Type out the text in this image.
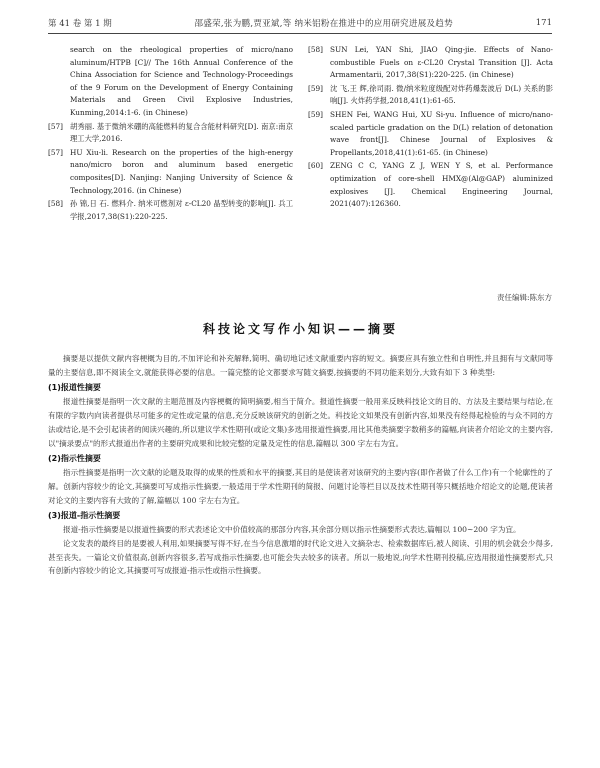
第 41 卷 第 1 期	邵盛荣,张为鹏,贾亚斌,等 纳米铝粉在推进中的应用研究进展及趋势	171
search on the rheological properties of micro/nano aluminum/HTPB [C]// The 16th Annual Conference of the China Association for Science and Technology-Proceedings of the 9 Forum on the Development of Energy Containing Materials and Green Civil Explosive Industries, Kunming,2014:1-6. (in Chinese)
[57] 胡秀丽. 基于微纳米硼的高能燃料的复合含能材料研究[D]. 南京:南京理工大学,2016.
[57] HU Xiu-li. Research on the properties of the high-energy nano/micro boron and aluminum based energetic composites[D]. Nanjing: Nanjing University of Science & Technology,2016. (in Chinese)
[58] 孙 锦,日 石. 燃料介. 纳米可燃剂对 ε-CL20 晶型转变的影响[J]. 兵工学报,2017,38(S1):220-225.
[58] SUN Lei, YAN Shi, JIAO Qing-jie. Effects of Nano-combustible Fuels on ε-CL20 Crystal Transition [J]. Acta Armamentarii, 2017,38(S1):220-225. (in Chinese)
[59] 沈 飞,王 辉,徐司雨. 微/纳米粒度级配对炸药爆轰波后 D(L) 关系的影响[J]. 火炸药学报,2018,41(1):61-65.
[59] SHEN Fei, WANG Hui, XU Si-yu. Influence of micro/nano-scaled particle gradation on the D(L) relation of detonation wave front[J]. Chinese Journal of Explosives & Propellants,2018,41(1):61-65. (in Chinese)
[60] ZENG C C, YANG Z J, WEN Y S, et al. Performance optimization of core-shell HMX@(Al@GAP) aluminized explosives [J]. Chemical Engineering Journal, 2021(407):126360.
责任编辑:陈东方
科技论文写作小知识——摘要

摘要是以提供文献内容梗概为目的,不加评论和补充解释,简明、确切地记述文献重要内容的短文。摘要应具有独立性和自明性,并且拥有与文献同等量的主要信息,即不阅读全文,就能获得必要的信息。一篇完整的论文都要求写随文摘要,按摘要的不同功能来划分,大致有如下 3 种类型:

(1)报道性摘要

报道性摘要是指明一次文献的主题范围及内容梗概的简明摘要,相当于简介。报道性摘要一般用来反映科技论文的目的、方法及主要结果与结论,在有限的字数内向读者提供尽可能多的定性或定量的信息,充分反映该研究的创新之处。科技论文如果没有创新内容,如果没有经得起检验的与众不同的方法或结论,是不会引起读者的阅读兴趣的,所以建议学术性期刊(或论文集)多选用报道性摘要,用比其他类摘要字数稍多的篇幅,向读者介绍论文的主要内容,以"摘录要点"的形式报道出作者的主要研究成果和比较完整的定量及定性的信息,篇幅以 300 字左右为宜。

(2)指示性摘要

指示性摘要是指明一次文献的论题及取得的成果的性质和水平的摘要,其目的是使读者对该研究的主要内容(即作者做了什么工作)有一个轮廓性的了解。创新内容较少的论文,其摘要可写成指示性摘要,一般适用于学术性期刊的简报、问题讨论等栏目以及技术性期刊等只概括地介绍论文的论题,使读者对论文的主要内容有大致的了解,篇幅以 100 字左右为宜。

(3)报道-指示性摘要

报道-指示性摘要是以报道性摘要的形式表述论文中价值较高的那部分内容,其余部分则以指示性摘要形式表达,篇幅以 100~200 字为宜。

论文发表的最终目的是要被人利用,如果摘要写得不好,在当今信息激增的时代论文进入文摘杂志、检索数据库后,被人阅读、引用的机会就会少得多,甚至丧失。一篇论文价值很高,创新内容很多,若写成指示性摘要,也可能会失去较多的读者。所以一般地说,向学术性期刊投稿,应选用报道性摘要形式,只有创新内容较少的论文,其摘要可写成报道-指示性或指示性摘要。
